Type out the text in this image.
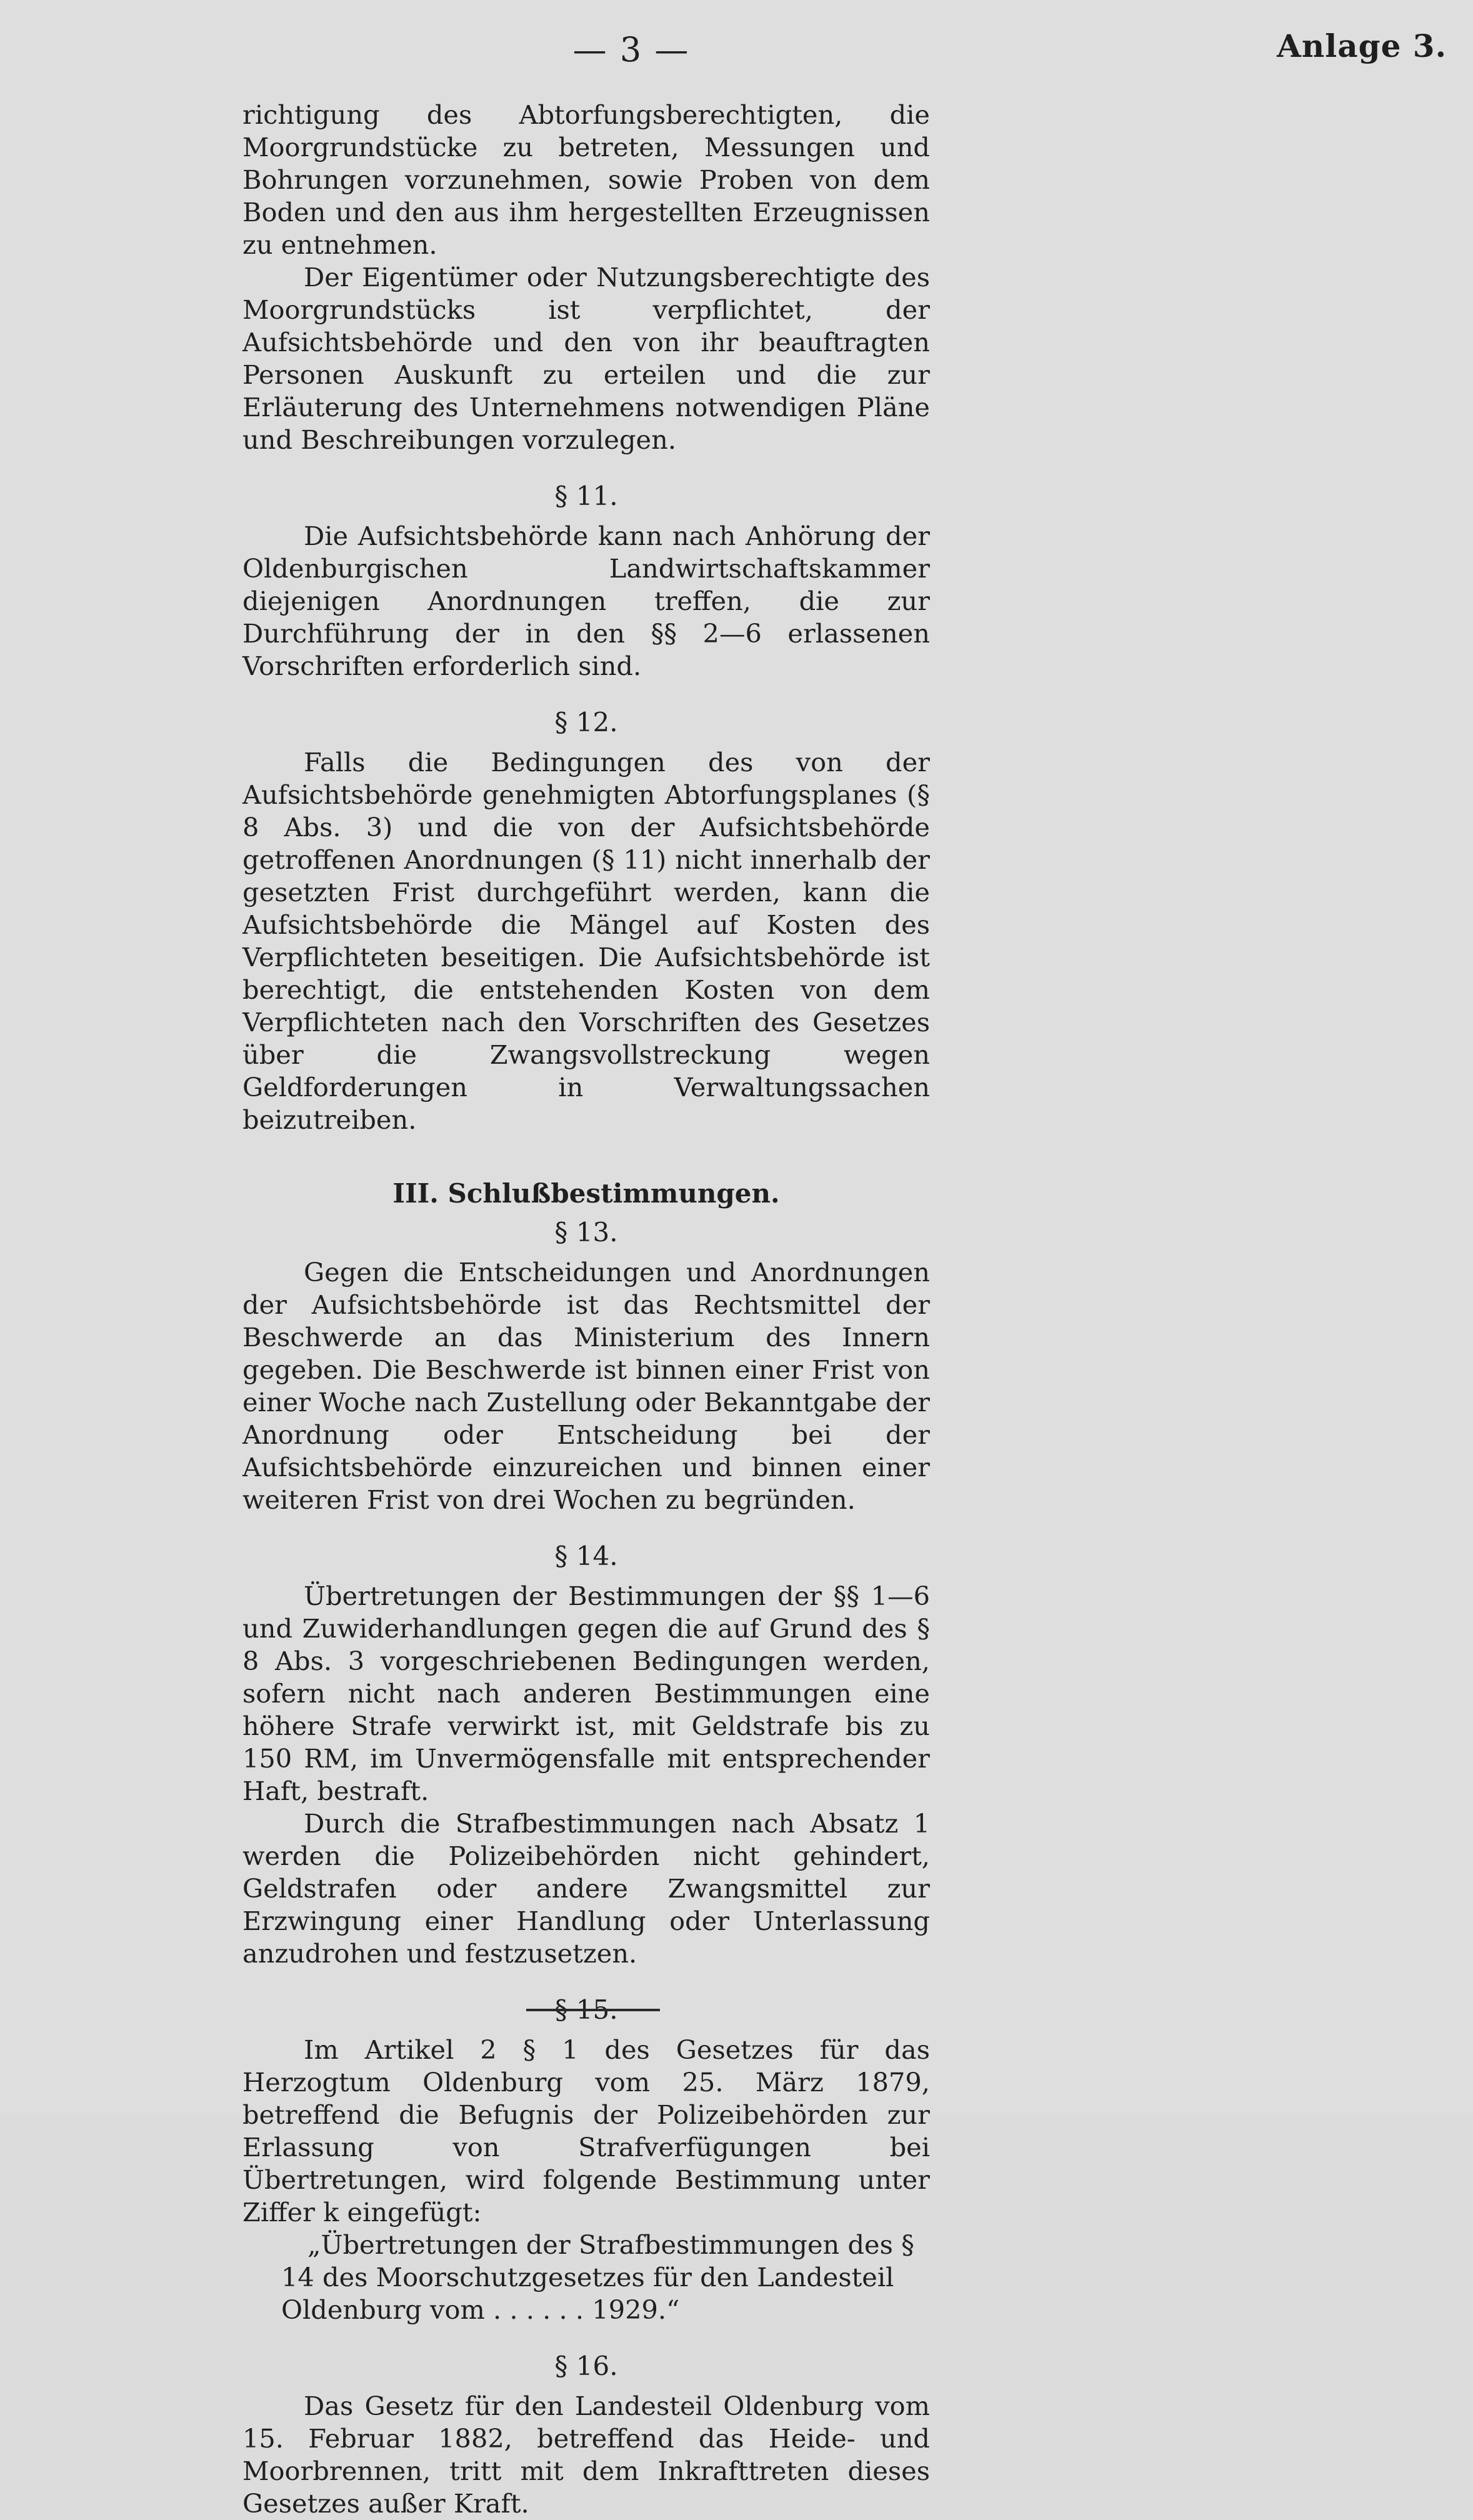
— 3 —	Anlage 3.

richtigung des Abtorfungsberechtigten, die Moorgrundstücke zu betreten, Messungen und Bohrungen vorzunehmen, sowie Proben von dem Boden und den aus ihm hergestellten Erzeugnissen zu entnehmen.

Der Eigentümer oder Nutzungsberechtigte des Moorgrundstücks ist verpflichtet, der Aufsichtsbehörde und den von ihr beauftragten Personen Auskunft zu erteilen und die zur Erläuterung des Unternehmens notwendigen Pläne und Beschreibungen vorzulegen.

§ 11.

Die Aufsichtsbehörde kann nach Anhörung der Oldenburgischen Landwirtschaftskammer diejenigen Anordnungen treffen, die zur Durchführung der in den §§ 2—6 erlassenen Vorschriften erforderlich sind.

§ 12.

Falls die Bedingungen des von der Aufsichtsbehörde genehmigten Abtorfungsplanes (§ 8 Abs. 3) und die von der Aufsichtsbehörde getroffenen Anordnungen (§ 11) nicht innerhalb der gesetzten Frist durchgeführt werden, kann die Aufsichtsbehörde die Mängel auf Kosten des Verpflichteten beseitigen. Die Aufsichtsbehörde ist berechtigt, die entstehenden Kosten von dem Verpflichteten nach den Vorschriften des Gesetzes über die Zwangsvollstreckung wegen Geldforderungen in Verwaltungssachen beizutreiben.

III. Schlußbestimmungen.
§ 13.

Gegen die Entscheidungen und Anordnungen der Aufsichtsbehörde ist das Rechtsmittel der Beschwerde an das Ministerium des Innern gegeben. Die Beschwerde ist binnen einer Frist von einer Woche nach Zustellung oder Bekanntgabe der Anordnung oder Entscheidung bei der Aufsichtsbehörde einzureichen und binnen einer weiteren Frist von drei Wochen zu begründen.

§ 14.

Übertretungen der Bestimmungen der §§ 1—6 und Zuwiderhandlungen gegen die auf Grund des § 8 Abs. 3 vorgeschriebenen Bedingungen werden, sofern nicht nach anderen Bestimmungen eine höhere Strafe verwirkt ist, mit Geldstrafe bis zu 150 RM, im Unvermögensfalle mit entsprechender Haft, bestraft.

Durch die Strafbestimmungen nach Absatz 1 werden die Polizeibehörden nicht gehindert, Geldstrafen oder andere Zwangsmittel zur Erzwingung einer Handlung oder Unterlassung anzudrohen und festzusetzen.

§ 15.

Im Artikel 2 § 1 des Gesetzes für das Herzogtum Oldenburg vom 25. März 1879, betreffend die Befugnis der Polizeibehörden zur Erlassung von Strafverfügungen bei Übertretungen, wird folgende Bestimmung unter Ziffer k eingefügt:

„Übertretungen der Strafbestimmungen des § 14 des Moorschutzgesetzes für den Landesteil Oldenburg vom . . . . . . 1929.“

§ 16.

Das Gesetz für den Landesteil Oldenburg vom 15. Februar 1882, betreffend das Heide- und Moorbrennen, tritt mit dem Inkrafttreten dieses Gesetzes außer Kraft.
